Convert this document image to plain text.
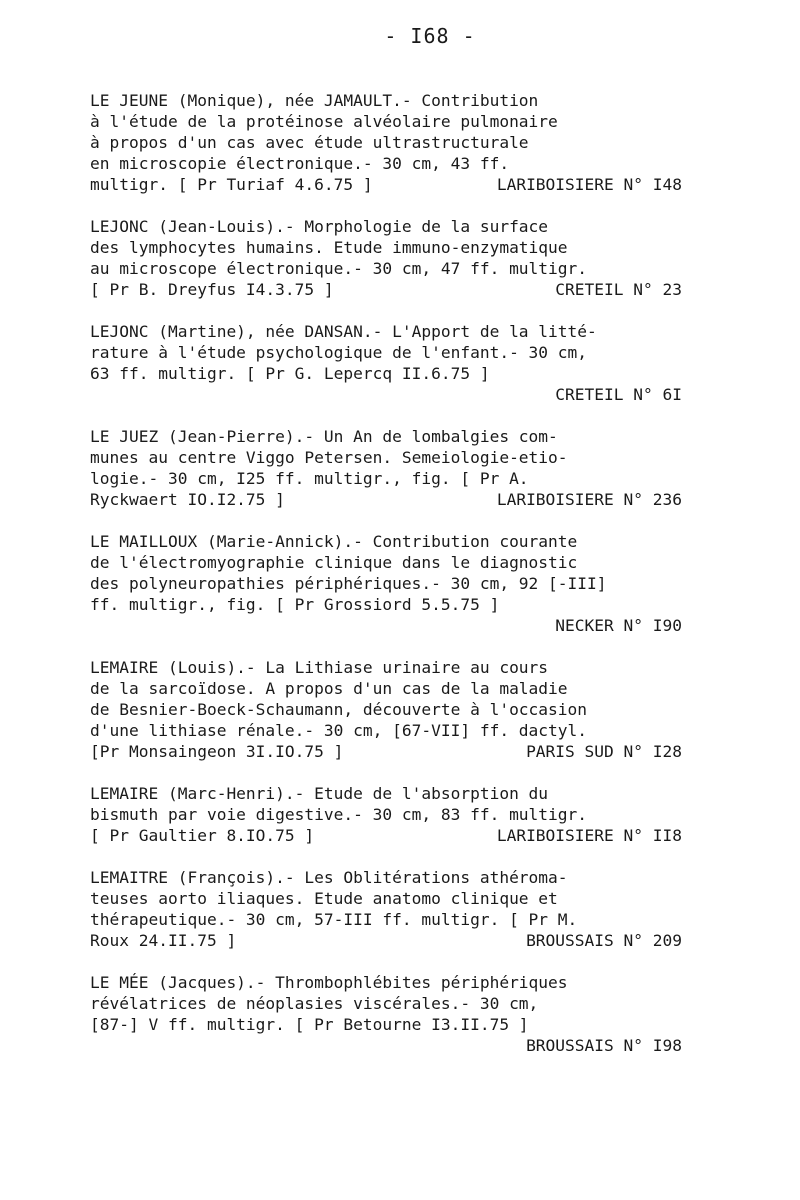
- I68 -
LE JEUNE (Monique), née JAMAULT.- Contribution
à l'étude de la protéinose alvéolaire pulmonaire
à propos d'un cas avec étude ultrastructurale
en microscopie électronique.- 30 cm, 43 ff.
multigr. [ Pr Turiaf 4.6.75 ]	LARIBOISIERE N° I48
LEJONC (Jean-Louis).- Morphologie de la surface
des lymphocytes humains. Etude immuno-enzymatique
au microscope électronique.- 30 cm, 47 ff. multigr.
[ Pr B. Dreyfus I4.3.75 ]	CRETEIL N° 23
LEJONC (Martine), née DANSAN.- L'Apport de la litté-
rature à l'étude psychologique de l'enfant.- 30 cm,
63 ff. multigr. [ Pr G. Lepercq II.6.75 ]
CRETEIL N° 6I
LE JUEZ (Jean-Pierre).- Un An de lombalgies com-
munes au centre Viggo Petersen. Semeiologie-etio-
logie.- 30 cm, I25 ff. multigr., fig. [ Pr A.
Ryckwaert IO.I2.75 ]	LARIBOISIERE N° 236
LE MAILLOUX (Marie-Annick).- Contribution courante
de l'électromyographie clinique dans le diagnostic
des polyneuropathies périphériques.- 30 cm, 92 [-III]
ff. multigr., fig. [ Pr Grossiord 5.5.75 ]
NECKER N° I90
LEMAIRE (Louis).- La Lithiase urinaire au cours
de la sarcoïdose. A propos d'un cas de la maladie
de Besnier-Boeck-Schaumann, découverte à l'occasion
d'une lithiase rénale.- 30 cm, [67-VII] ff. dactyl.
[Pr Monsaingeon 3I.IO.75 ]	PARIS SUD N° I28
LEMAIRE (Marc-Henri).- Etude de l'absorption du
bismuth par voie digestive.- 30 cm, 83 ff. multigr.
[ Pr Gaultier 8.IO.75 ]	LARIBOISIERE N° II8
LEMAITRE (François).- Les Oblitérations athéroma-
teuses aorto iliaques. Etude anatomo clinique et
thérapeutique.- 30 cm, 57-III ff. multigr. [ Pr M.
Roux 24.II.75 ]	BROUSSAIS N° 209
LE MÉE (Jacques).- Thrombophlébites périphériques
révélatrices de néoplasies viscérales.- 30 cm,
[87-] V ff. multigr. [ Pr Betourne I3.II.75 ]
BROUSSAIS N° I98
